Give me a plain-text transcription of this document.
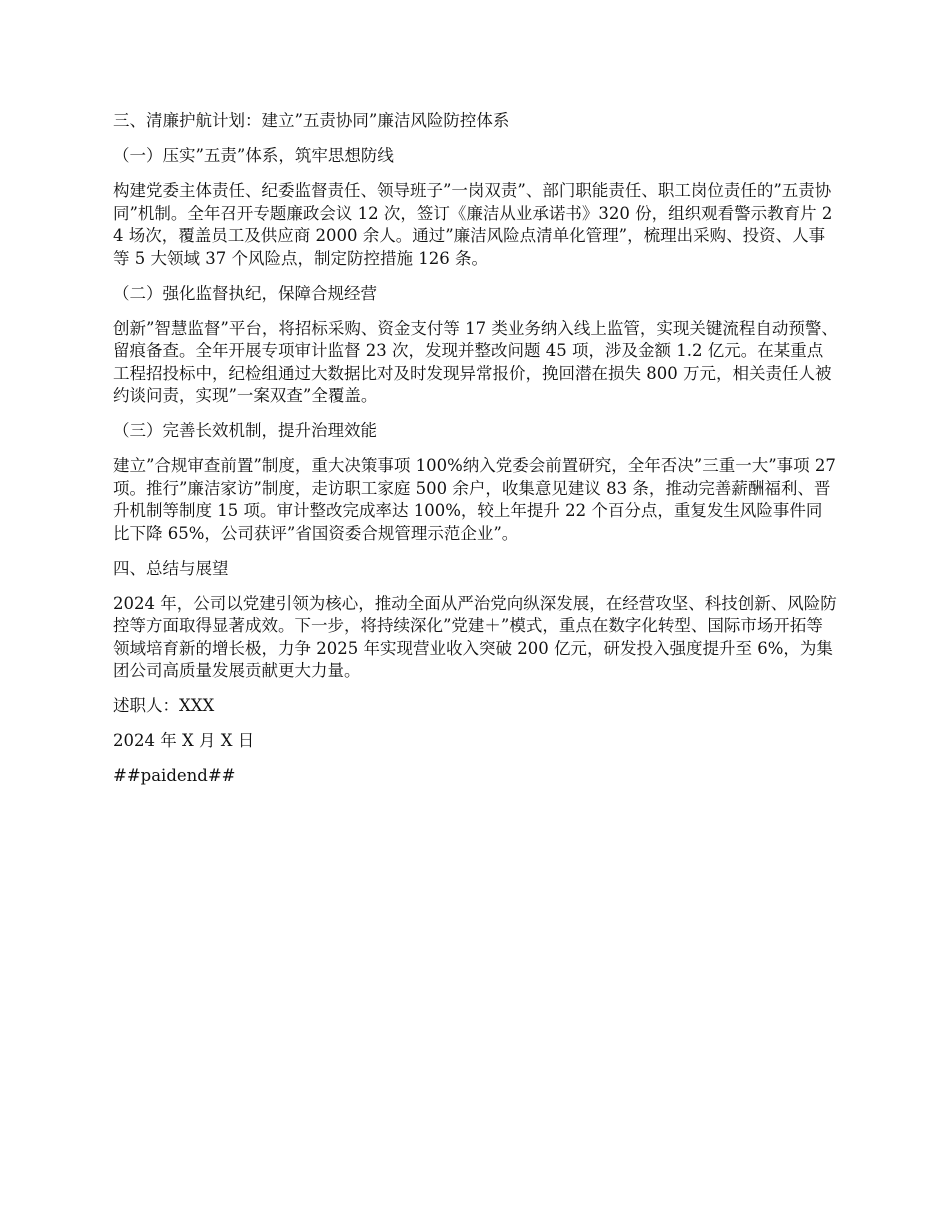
三、清廉护航计划：建立”五责协同”廉洁风险防控体系

（一）压实”五责”体系，筑牢思想防线

构建党委主体责任、纪委监督责任、领导班子”一岗双责”、部门职能责任、职工岗位责任的”五责协同”机制。全年召开专题廉政会议 12 次，签订《廉洁从业承诺书》320 份，组织观看警示教育片 24 场次，覆盖员工及供应商 2000 余人。通过”廉洁风险点清单化管理”，梳理出采购、投资、人事等 5 大领域 37 个风险点，制定防控措施 126 条。

（二）强化监督执纪，保障合规经营

创新”智慧监督”平台，将招标采购、资金支付等 17 类业务纳入线上监管，实现关键流程自动预警、留痕备查。全年开展专项审计监督 23 次，发现并整改问题 45 项，涉及金额 1.2 亿元。在某重点工程招投标中，纪检组通过大数据比对及时发现异常报价，挽回潜在损失 800 万元，相关责任人被约谈问责，实现”一案双查”全覆盖。

（三）完善长效机制，提升治理效能

建立”合规审查前置”制度，重大决策事项 100%纳入党委会前置研究，全年否决”三重一大”事项 27 项。推行”廉洁家访”制度，走访职工家庭 500 余户，收集意见建议 83 条，推动完善薪酬福利、晋升机制等制度 15 项。审计整改完成率达 100%，较上年提升 22 个百分点，重复发生风险事件同比下降 65%，公司获评”省国资委合规管理示范企业”。

四、总结与展望

2024 年，公司以党建引领为核心，推动全面从严治党向纵深发展，在经营攻坚、科技创新、风险防控等方面取得显著成效。下一步，将持续深化”党建＋”模式，重点在数字化转型、国际市场开拓等领域培育新的增长极，力争 2025 年实现营业收入突破 200 亿元，研发投入强度提升至 6%，为集团公司高质量发展贡献更大力量。

述职人：XXX

2024 年 X 月 X 日

##paidend##
